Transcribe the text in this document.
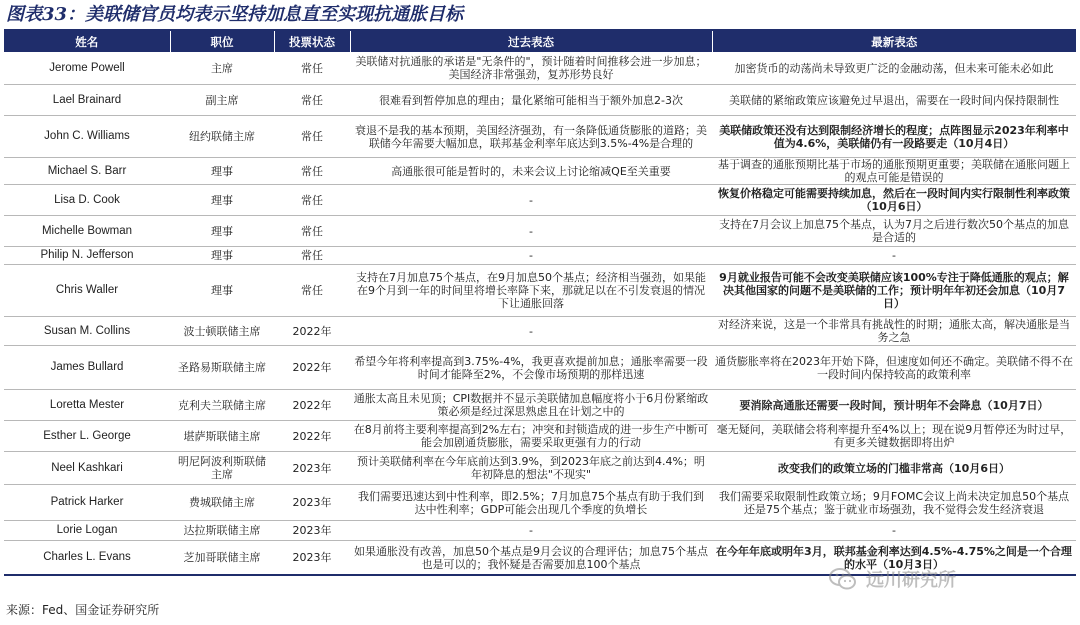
图表33：美联储官员均表示坚持加息直至实现抗通胀目标
姓名	职位	投票状态	过去表态	最新表态
Jerome Powell	主席	常任	美联储对抗通胀的承诺是"无条件的"，预计随着时间推移会进一步加息；美国经济非常强劲，复苏形势良好	加密货币的动荡尚未导致更广泛的金融动荡，但未来可能未必如此
Lael Brainard	副主席	常任	很难看到暂停加息的理由；量化紧缩可能相当于额外加息2-3次	美联储的紧缩政策应该避免过早退出，需要在一段时间内保持限制性
John C. Williams	纽约联储主席	常任	衰退不是我的基本预期，美国经济强劲，有一条降低通货膨胀的道路；美联储今年需要大幅加息，联邦基金利率年底达到3.5%-4%是合理的	美联储政策还没有达到限制经济增长的程度；点阵图显示2023年利率中值为4.6%，美联储仍有一段路要走（10月4日）
Michael S. Barr	理事	常任	高通胀很可能是暂时的，未来会议上讨论缩减QE至关重要	基于调查的通胀预期比基于市场的通胀预期更重要；美联储在通胀问题上的观点可能是错误的
Lisa D. Cook	理事	常任	-	恢复价格稳定可能需要持续加息，然后在一段时间内实行限制性利率政策（10月6日）
Michelle Bowman	理事	常任	-	支持在7月会议上加息75个基点，认为7月之后进行数次50个基点的加息是合适的
Philip N. Jefferson	理事	常任	-	-
Chris Waller	理事	常任	支持在7月加息75个基点，在9月加息50个基点；经济相当强劲，如果能在9个月到一年的时间里将增长率降下来，那就足以在不引发衰退的情况下让通胀回落	9月就业报告可能不会改变美联储应该100%专注于降低通胀的观点；解决其他国家的问题不是美联储的工作；预计明年年初还会加息（10月7日）
Susan M. Collins	波士顿联储主席	2022年	-	对经济来说，这是一个非常具有挑战性的时期；通胀太高，解决通胀是当务之急
James Bullard	圣路易斯联储主席	2022年	希望今年将利率提高到3.75%-4%，我更喜欢提前加息；通胀率需要一段时间才能降至2%，不会像市场预期的那样迅速	通货膨胀率将在2023年开始下降，但速度如何还不确定。美联储不得不在一段时间内保持较高的政策利率
Loretta Mester	克利夫兰联储主席	2022年	通胀太高且未见顶；CPI数据并不显示美联储加息幅度将小于6月份紧缩政策必须是经过深思熟虑且在计划之中的	要消除高通胀还需要一段时间，预计明年不会降息（10月7日）
Esther L. George	堪萨斯联储主席	2022年	在8月前将主要利率提高到2%左右；冲突和封锁造成的进一步生产中断可能会加剧通货膨胀，需要采取更强有力的行动	毫无疑问，美联储会将利率提升至4%以上；现在说9月暂停还为时过早，有更多关键数据即将出炉
Neel Kashkari	明尼阿波利斯联储主席	2023年	预计美联储利率在今年底前达到3.9%，到2023年底之前达到4.4%；明年初降息的想法"不现实"	改变我们的政策立场的门槛非常高（10月6日）
Patrick Harker	费城联储主席	2023年	我们需要迅速达到中性利率，即2.5%；7月加息75个基点有助于我们到达中性利率；GDP可能会出现几个季度的负增长	我们需要采取限制性政策立场；9月FOMC会议上尚未决定加息50个基点还是75个基点；鉴于就业市场强劲，我不觉得会发生经济衰退
Lorie Logan	达拉斯联储主席	2023年	-	-
Charles L. Evans	芝加哥联储主席	2023年	如果通胀没有改善，加息50个基点是9月会议的合理评估；加息75个基点也是可以的；我怀疑是否需要加息100个基点	在今年年底或明年3月，联邦基金利率达到4.5%-4.75%之间是一个合理的水平（10月3日）
来源：Fed、国金证券研究所
远川研究所
